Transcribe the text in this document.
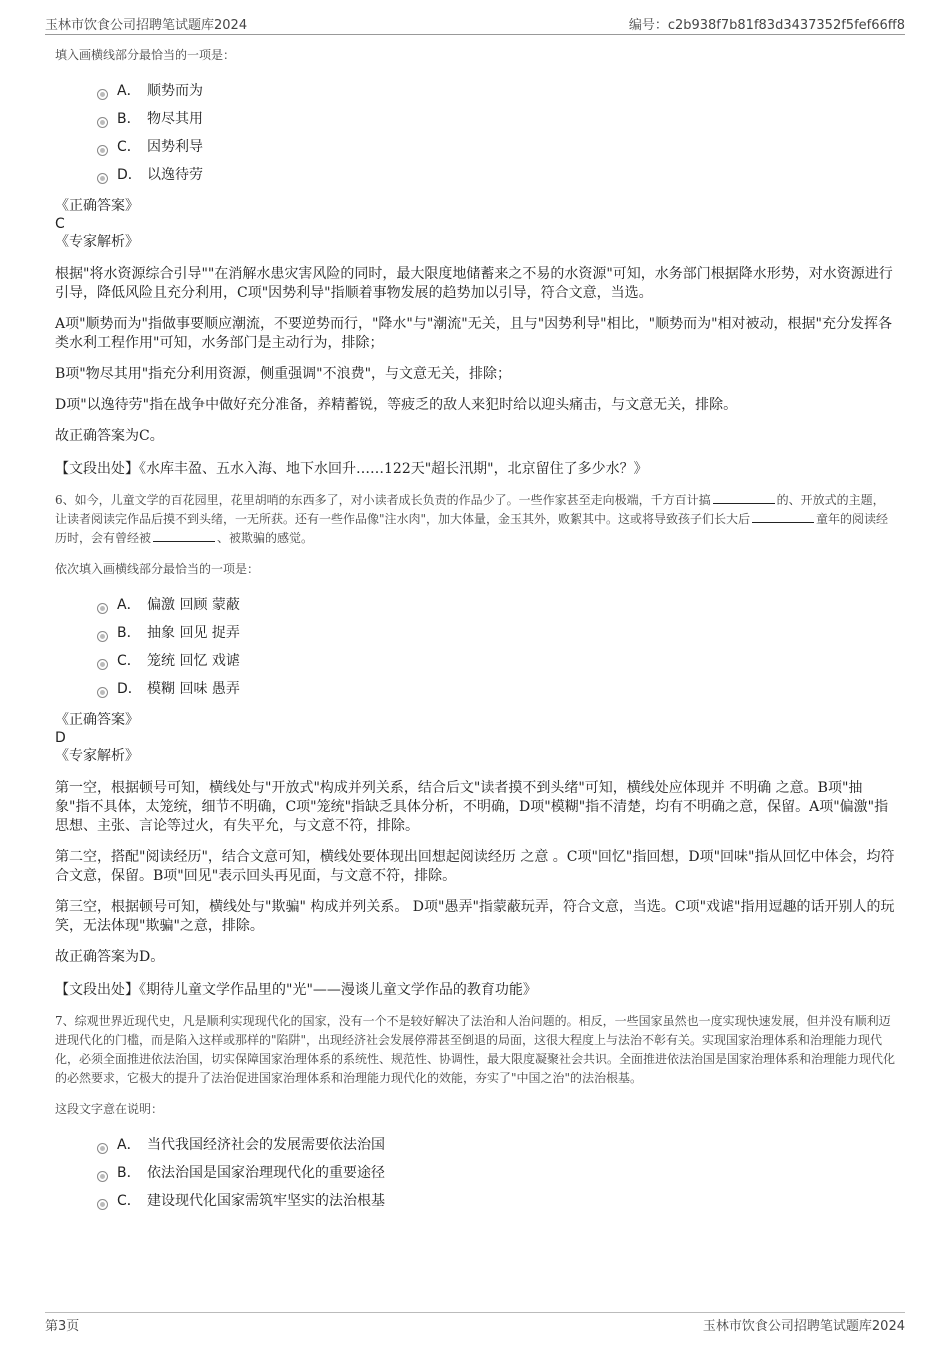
玉林市饮食公司招聘笔试题库2024	编号：c2b938f7b81f83d3437352f5fef66ff8

填入画横线部分最恰当的一项是：

A． 顺势而为
B． 物尽其用
C． 因势利导
D． 以逸待劳

《正确答案》

C

《专家解析》

根据"将水资源综合引导""在消解水患灾害风险的同时，最大限度地储蓄来之不易的水资源"可知，水务部门根据降水形势，对水资源进行引导，降低风险且充分利用，C项"因势利导"指顺着事物发展的趋势加以引导，符合文意，当选。

A项"顺势而为"指做事要顺应潮流，不要逆势而行，"降水"与"潮流"无关，且与"因势利导"相比，"顺势而为"相对被动，根据"充分发挥各类水利工程作用"可知，水务部门是主动行为，排除；

B项"物尽其用"指充分利用资源，侧重强调"不浪费"，与文意无关，排除；

D项"以逸待劳"指在战争中做好充分准备，养精蓄锐，等疲乏的敌人来犯时给以迎头痛击，与文意无关，排除。

故正确答案为C。

【文段出处】《水库丰盈、五水入海、地下水回升……122天"超长汛期"，北京留住了多少水？》

6、如今，儿童文学的百花园里，花里胡哨的东西多了，对小读者成长负责的作品少了。一些作家甚至走向极端，千方百计搞	的、开放式的主题，让读者阅读完作品后摸不到头绪，一无所获。还有一些作品像"注水肉"，加大体量，金玉其外，败絮其中。这或将导致孩子们长大后	童年的阅读经历时，会有曾经被	、被欺骗的感觉。

依次填入画横线部分最恰当的一项是：

A． 偏激 回顾 蒙蔽
B． 抽象 回见 捉弄
C． 笼统 回忆 戏谑
D． 模糊 回味 愚弄

《正确答案》

D

《专家解析》

第一空，根据顿号可知，横线处与"开放式"构成并列关系，结合后文"读者摸不到头绪"可知，横线处应体现并 不明确 之意。B项"抽象"指不具体，太笼统，细节不明确，C项"笼统"指缺乏具体分析，不明确，D项"模糊"指不清楚，均有不明确之意，保留。A项"偏激"指思想、主张、言论等过火，有失平允，与文意不符，排除。

第二空，搭配"阅读经历"，结合文意可知，横线处要体现出回想起阅读经历 之意 。C项"回忆"指回想，D项"回味"指从回忆中体会，均符合文意，保留。B项"回见"表示回头再见面，与文意不符，排除。

第三空，根据顿号可知，横线处与"欺骗" 构成并列关系。 D项"愚弄"指蒙蔽玩弄，符合文意，当选。C项"戏谑"指用逗趣的话开别人的玩笑，无法体现"欺骗"之意，排除。

故正确答案为D。

【文段出处】《期待儿童文学作品里的"光"——漫谈儿童文学作品的教育功能》

7、综观世界近现代史，凡是顺利实现现代化的国家，没有一个不是较好解决了法治和人治问题的。相反，一些国家虽然也一度实现快速发展，但并没有顺利迈进现代化的门槛，而是陷入这样或那样的"陷阱"，出现经济社会发展停滞甚至倒退的局面，这很大程度上与法治不彰有关。实现国家治理体系和治理能力现代化，必须全面推进依法治国，切实保障国家治理体系的系统性、规范性、协调性，最大限度凝聚社会共识。全面推进依法治国是国家治理体系和治理能力现代化的必然要求，它极大的提升了法治促进国家治理体系和治理能力现代化的效能，夯实了"中国之治"的法治根基。

这段文字意在说明：

A． 当代我国经济社会的发展需要依法治国
B． 依法治国是国家治理现代化的重要途径
C． 建设现代化国家需筑牢坚实的法治根基
第3页	玉林市饮食公司招聘笔试题库2024
